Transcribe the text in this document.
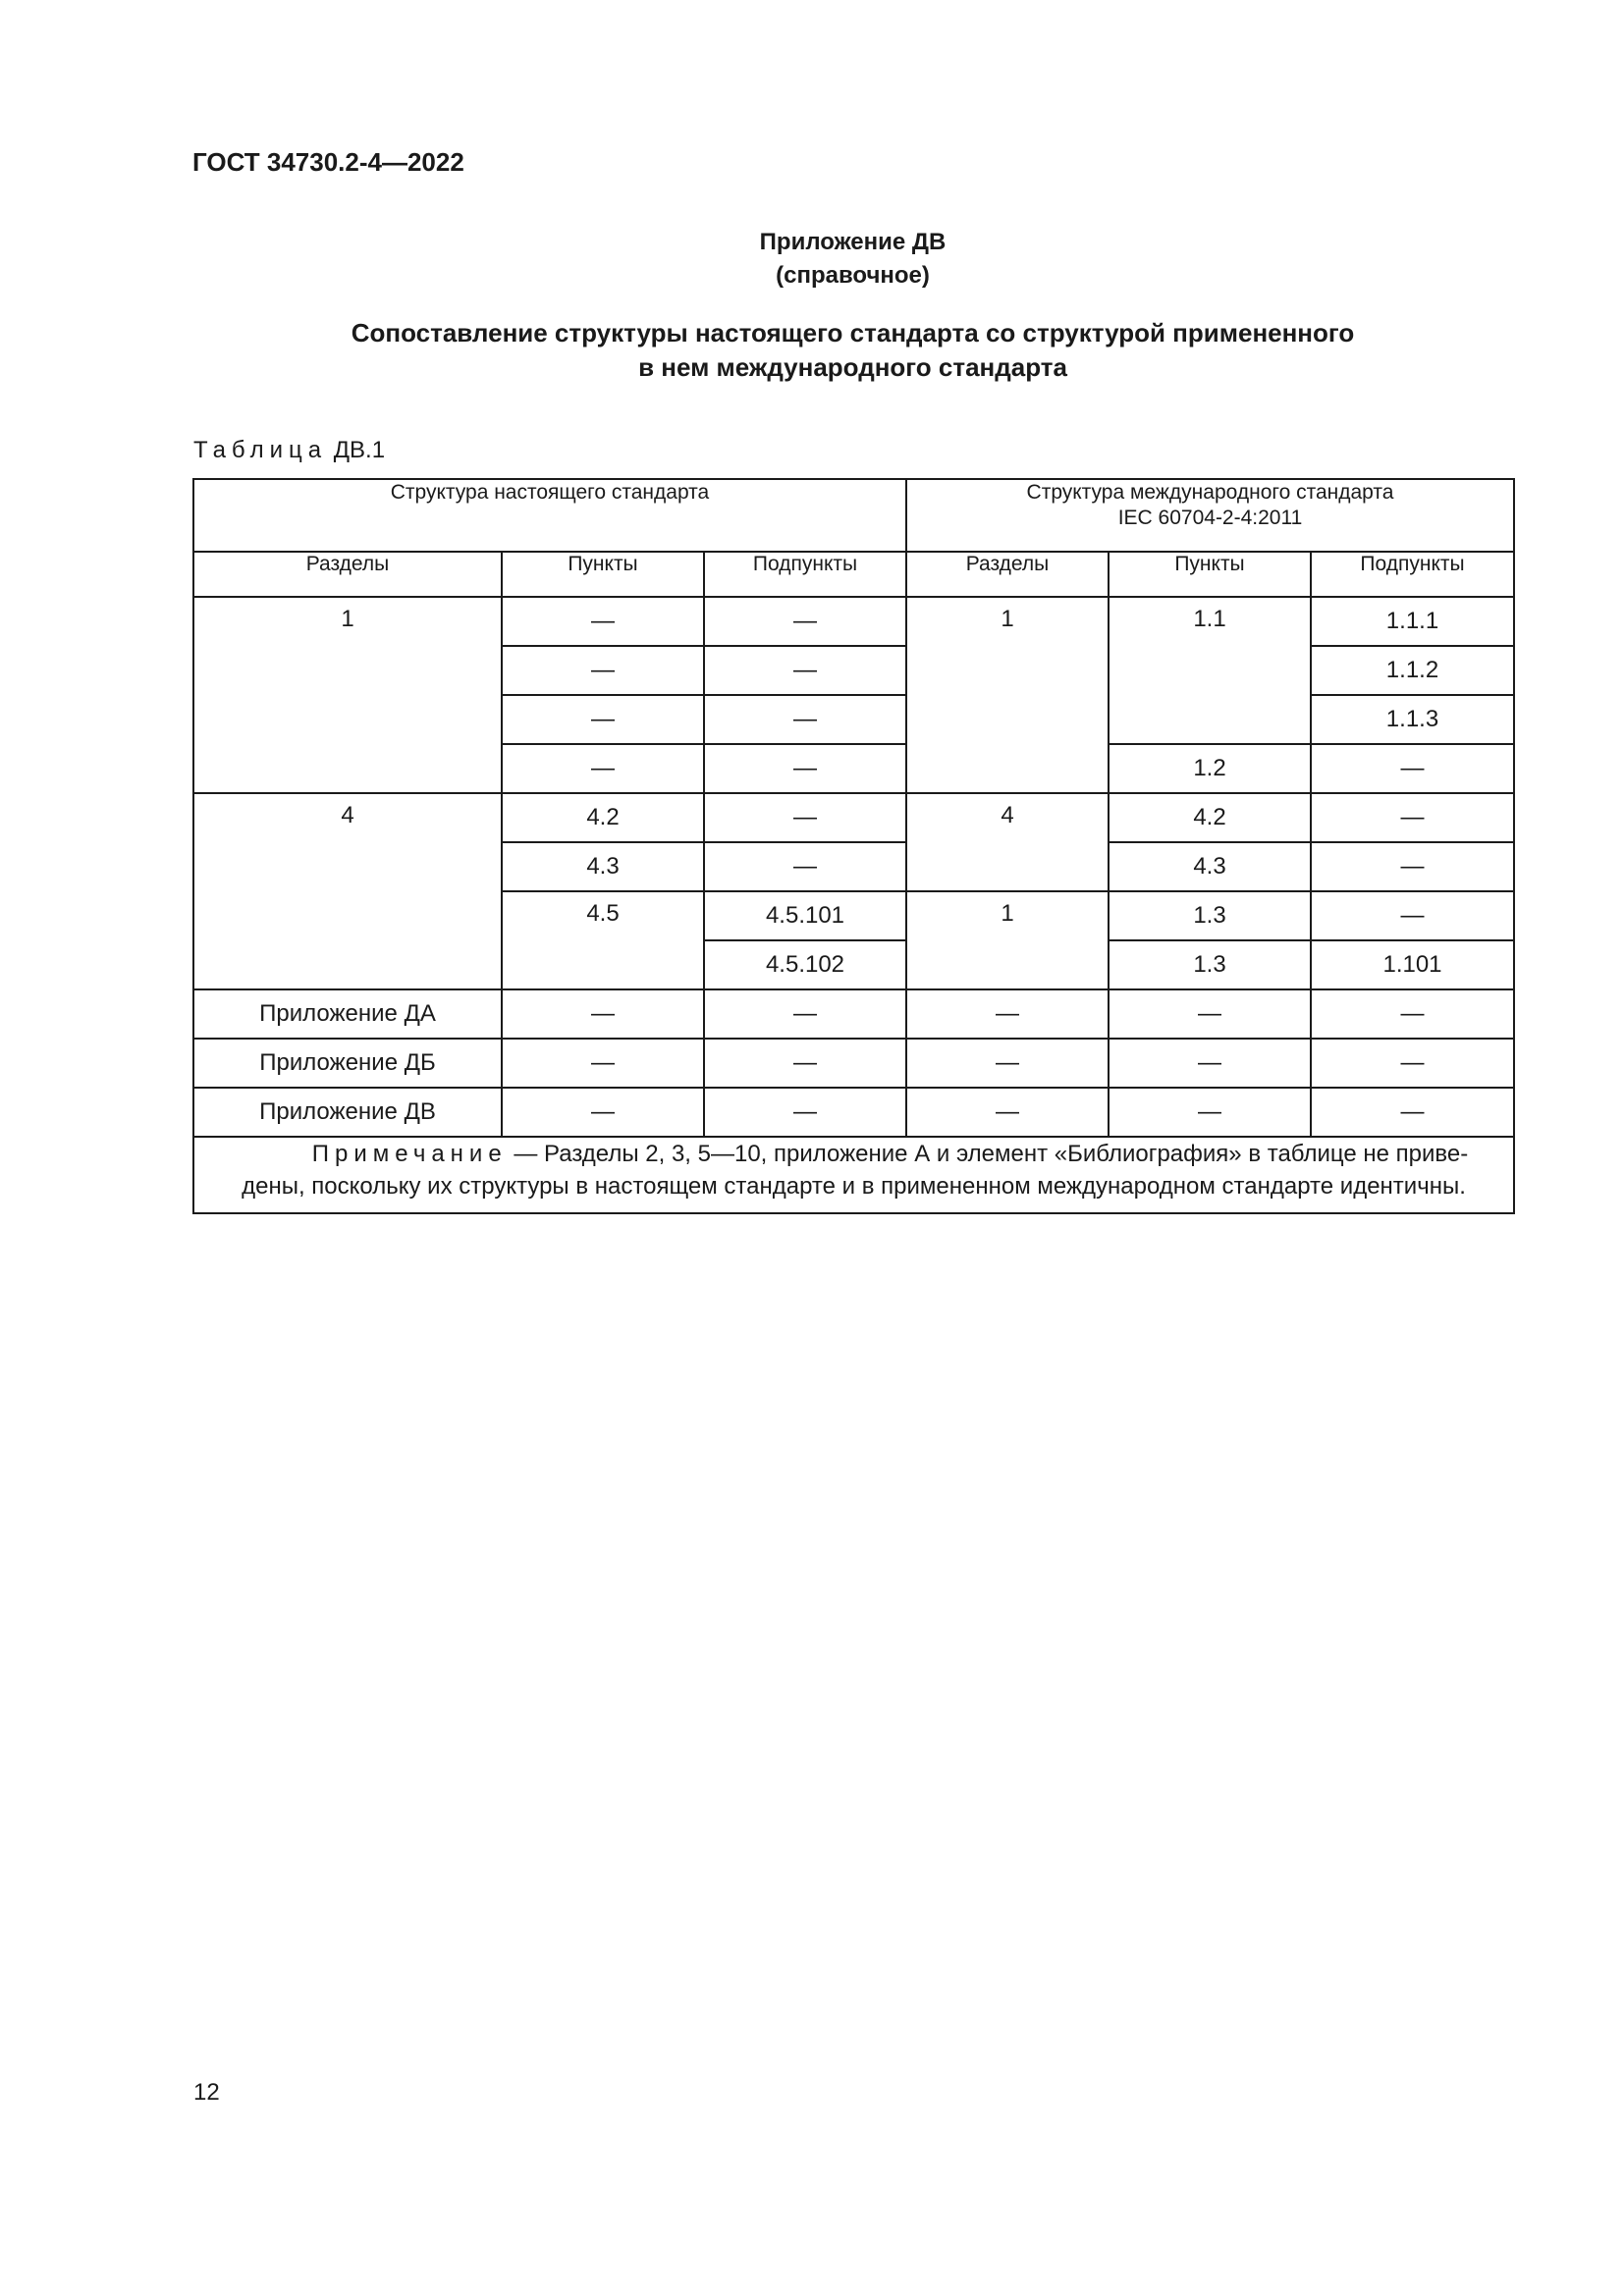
ГОСТ 34730.2-4—2022
Приложение ДВ
(справочное)
Сопоставление структуры настоящего стандарта со структурой примененного
в нем международного стандарта
Таблица ДВ.1
Структура настоящего стандарта			Структура международного стандарта
IEC 60704-2-4:2011		

Разделы	Пункты	Подпункты	Разделы	Пункты	Подпункты
1	—	—	1	1.1	1.1.1
	—	—			1.1.2
	—	—			1.1.3
	—	—		1.2	—
4	4.2	—	4	4.2	—
	4.3	—		4.3	—
	4.5	4.5.101	1	1.3	—
		4.5.102		1.3	1.101
Приложение ДА	—	—	—	—	—
Приложение ДБ	—	—	—	—	—
Приложение ДВ	—	—	—	—	—

Примечание — Разделы 2, 3, 5—10, приложение А и элемент «Библиография» в таблице не приве-
дены, поскольку их структуры в настоящем стандарте и в примененном международном стандарте идентичны.					
12
